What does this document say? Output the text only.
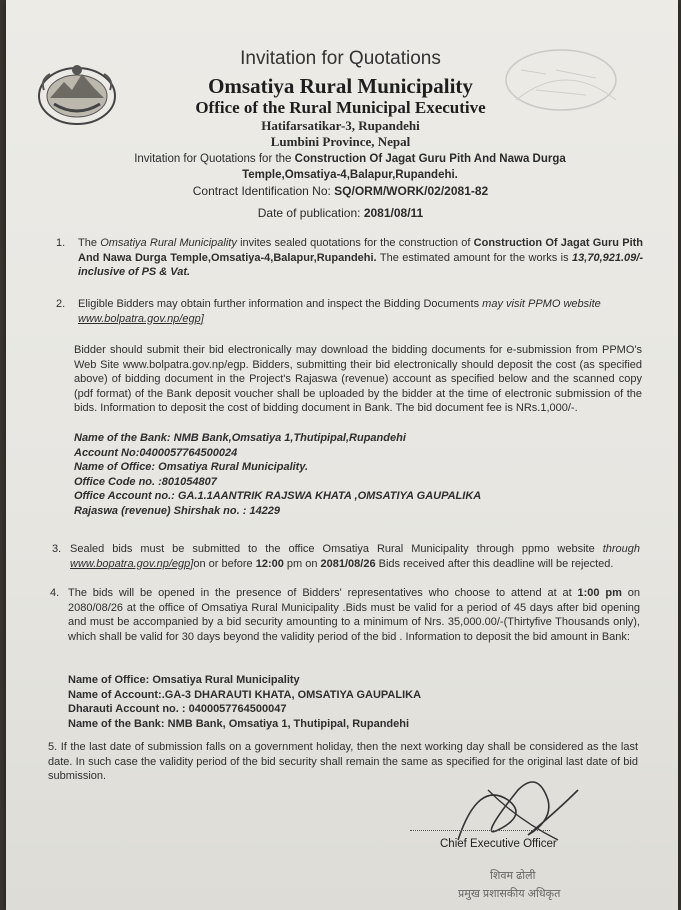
Invitation for Quotations
Omsatiya Rural Municipality
Office of the Rural Municipal Executive
Hatifarsatikar-3, Rupandehi
Lumbini Province, Nepal
Invitation for Quotations for the Construction Of Jagat Guru Pith And Nawa Durga Temple,Omsatiya-4,Balapur,Rupandehi.
Contract Identification No: SQ/ORM/WORK/02/2081-82
Date of publication: 2081/08/11
1. The Omsatiya Rural Municipality invites sealed quotations for the construction of Construction Of Jagat Guru Pith And Nawa Durga Temple,Omsatiya-4,Balapur,Rupandehi. The estimated amount for the works is 13,70,921.09/- inclusive of PS & Vat.
2. Eligible Bidders may obtain further information and inspect the Bidding Documents may visit PPMO website
www.bolpatra.gov.np/egp]
Bidder should submit their bid electronically may download the bidding documents for e-submission from PPMO's Web Site www.bolpatra.gov.np/egp. Bidders, submitting their bid electronically should deposit the cost (as specified above) of bidding document in the Project's Rajaswa (revenue) account as specified below and the scanned copy (pdf format) of the Bank deposit voucher shall be uploaded by the bidder at the time of electronic submission of the bids. Information to deposit the cost of bidding document in Bank. The bid document fee is NRs.1,000/-.
Name of the Bank: NMB Bank,Omsatiya 1,Thutipipal,Rupandehi
Account No:0400057764500024
Name of Office: Omsatiya Rural Municipality.
Office Code no. :801054807
Office Account no.: GA.1.1AANTRIK RAJSWA KHATA ,OMSATIYA GAUPALIKA
Rajaswa (revenue) Shirshak no. : 14229
3. Sealed bids must be submitted to the office Omsatiya Rural Municipality through ppmo website through www.bopatra.gov.np/egp]on or before 12:00 pm on 2081/08/26 Bids received after this deadline will be rejected.
4. The bids will be opened in the presence of Bidders' representatives who choose to attend at at 1:00 pm on 2080/08/26 at the office of Omsatiya Rural Municipality .Bids must be valid for a period of 45 days after bid opening and must be accompanied by a bid security amounting to a minimum of Nrs. 35,000.00/-(Thirtyfive Thousands only), which shall be valid for 30 days beyond the validity period of the bid . Information to deposit the bid amount in Bank:
Name of Office: Omsatiya Rural Municipality
Name of Account:.GA-3 DHARAUTI KHATA, OMSATIYA GAUPALIKA
Dharauti Account no. : 0400057764500047
Name of the Bank: NMB Bank, Omsatiya 1, Thutipipal, Rupandehi
5. If the last date of submission falls on a government holiday, then the next working day shall be considered as the last date. In such case the validity period of the bid security shall remain the same as specified for the original last date of bid submission.
Chief Executive Officer
शिवम ढोली
प्रमुख प्रशासकीय अधिकृत
